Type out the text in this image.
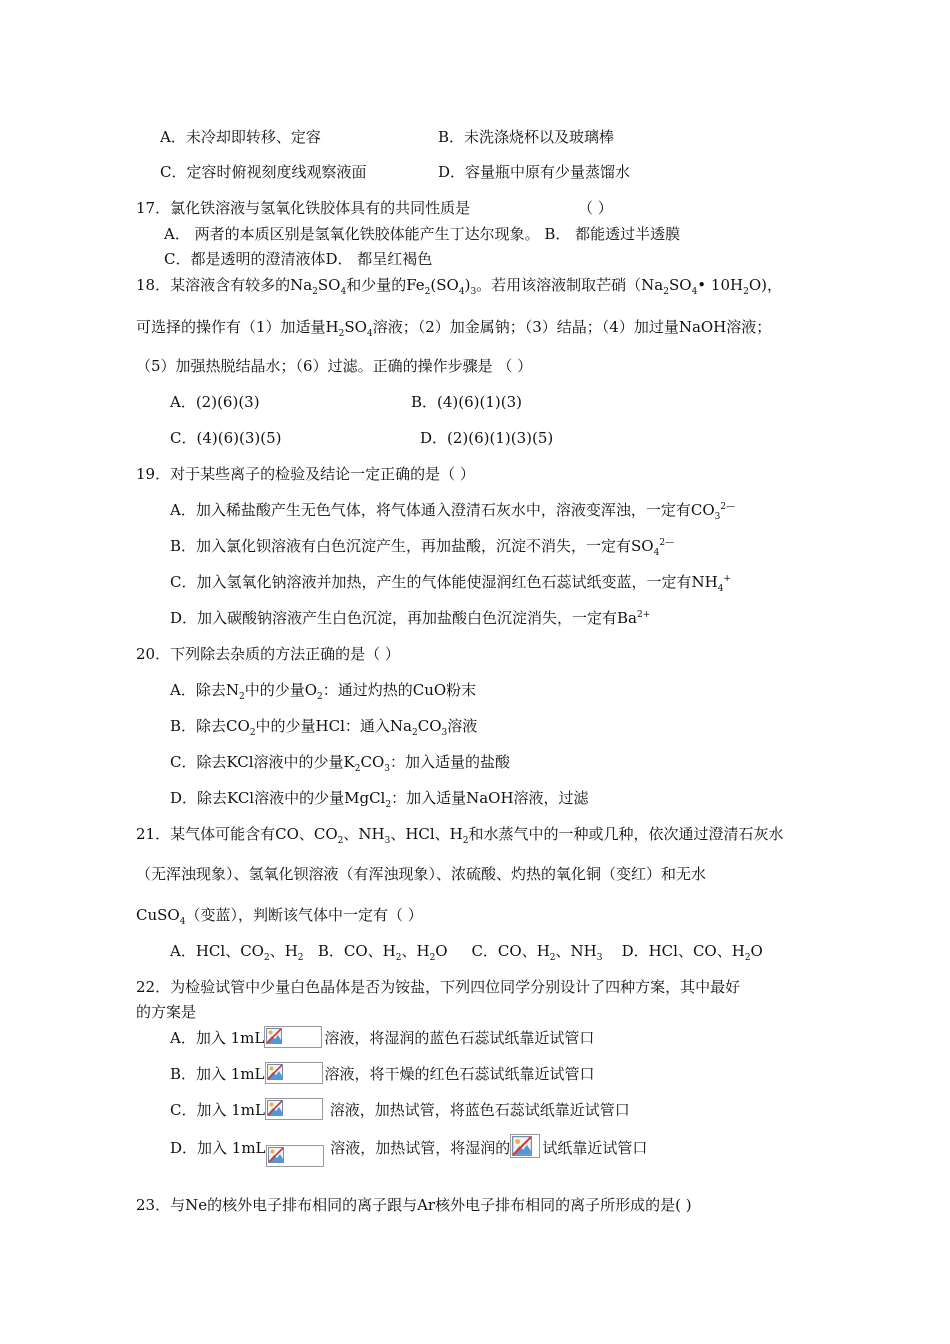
A．未冷却即转移、定容	B．未洗涤烧杯以及玻璃棒
C．定容时俯视刻度线观察液面	D．容量瓶中原有少量蒸馏水
17．氯化铁溶液与氢氧化铁胶体具有的共同性质是	（ ）
A． 两者的本质区别是氢氧化铁胶体能产生丁达尔现象。 B． 都能透过半透膜
C．都是透明的澄清液体D． 都呈红褐色
18．某溶液含有较多的$Na_2SO_4$和少量的$Fe_2(SO_4)_3$。若用该溶液制取芒硝（$Na_2SO_4•$ $10H_2O$)，
可选择的操作有（1）加适量$H_2SO_4$溶液；（2）加金属钠；（3）结晶；（4）加过量NaOH溶液；
（5）加强热脱结晶水；（6）过滤。正确的操作步骤是 （ ）
A．(2)(6)(3)	B．(4)(6)(1)(3)
C．(4)(6)(3)(5)	D．(2)(6)(1)(3)(5)
19．对于某些离子的检验及结论一定正确的是（ ）
A．加入稀盐酸产生无色气体，将气体通入澄清石灰水中，溶液变浑浊，一定有$CO_3^{2—}$
B．加入氯化钡溶液有白色沉淀产生，再加盐酸，沉淀不消失，一定有$SO_4^{2—}$
C．加入氢氧化钠溶液并加热，产生的气体能使湿润红色石蕊试纸变蓝，一定有$NH_4^+$
D．加入碳酸钠溶液产生白色沉淀，再加盐酸白色沉淀消失，一定有$Ba^{2+}$
20．下列除去杂质的方法正确的是（ ）
A．除去$N_2$中的少量$O_2$：通过灼热的CuO粉末
B．除去$CO_2$中的少量HCl：通入$Na_2CO_3$溶液
C．除去KCl溶液中的少量$K_2CO_3$：加入适量的盐酸
D．除去KCl溶液中的少量MgCl$_2$：加入适量NaOH溶液，过滤
21．某气体可能含有CO、$CO_2$、$NH_3$、HCl、$H_2$和水蒸气中的一种或几种，依次通过澄清石灰水
（无浑浊现象）、氢氧化钡溶液（有浑浊现象）、浓硫酸、灼热的氧化铜（变红）和无水
CuSO$_4$（变蓝），判断该气体中一定有（ ）
A．HCl、$CO_2$、$H_2$ B．CO、$H_2$、$H_2O$ C．CO、$H_2$、$NH_3$ D．HCl、CO、$H_2O$
22．为检验试管中少量白色晶体是否为铵盐，下列四位同学分别设计了四种方案，其中最好
的方案是
A．加入 1mL	溶液，将湿润的蓝色石蕊试纸靠近试管口
B．加入 1mL	溶液，将干燥的红色石蕊试纸靠近试管口
C．加入 1mL	溶液，加热试管，将蓝色石蕊试纸靠近试管口
D．加入 1mL	溶液，加热试管，将湿润的 试纸靠近试管口
23．与Ne的核外电子排布相同的离子跟与Ar核外电子排布相同的离子所形成的是( )
